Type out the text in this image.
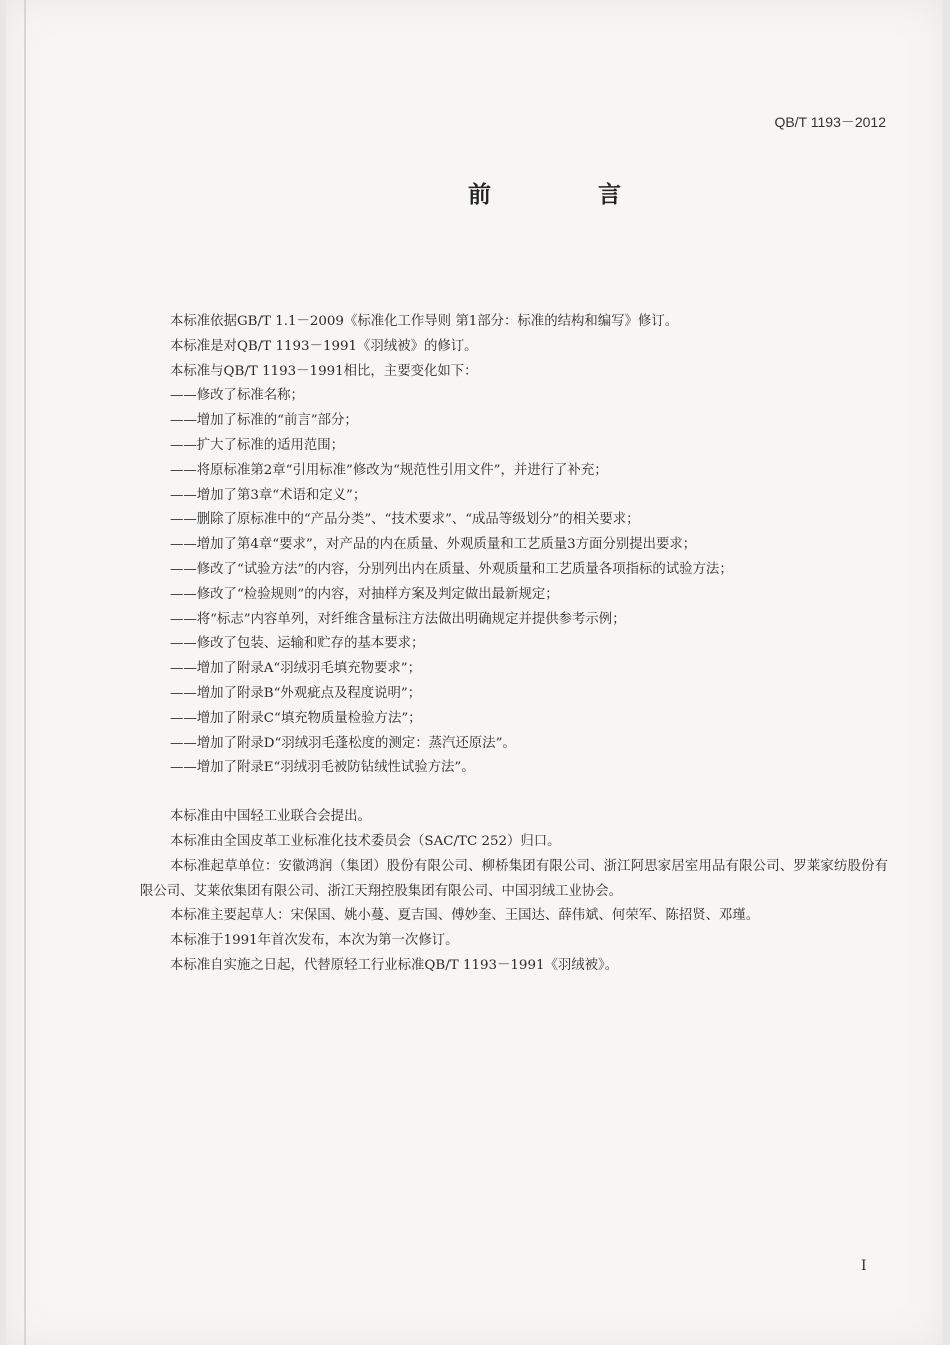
QB/T 1193－2012
前　言

本标准依据GB/T 1.1－2009《标准化工作导则 第1部分：标准的结构和编写》修订。

本标准是对QB/T 1193－1991《羽绒被》的修订。

本标准与QB/T 1193－1991相比，主要变化如下：

——修改了标准名称；

——增加了标准的“前言”部分；

——扩大了标准的适用范围；

——将原标准第2章“引用标准”修改为“规范性引用文件”，并进行了补充；

——增加了第3章“术语和定义”；

——删除了原标准中的“产品分类”、“技术要求”、“成品等级划分”的相关要求；

——增加了第4章“要求”，对产品的内在质量、外观质量和工艺质量3方面分别提出要求；

——修改了“试验方法”的内容，分别列出内在质量、外观质量和工艺质量各项指标的试验方法；

——修改了“检验规则”的内容，对抽样方案及判定做出最新规定；

——将“标志”内容单列，对纤维含量标注方法做出明确规定并提供参考示例；

——修改了包装、运输和贮存的基本要求；

——增加了附录A“羽绒羽毛填充物要求”；

——增加了附录B“外观疵点及程度说明”；

——增加了附录C“填充物质量检验方法”；

——增加了附录D“羽绒羽毛蓬松度的测定：蒸汽还原法”。

——增加了附录E“羽绒羽毛被防钻绒性试验方法”。

本标准由中国轻工业联合会提出。

本标准由全国皮革工业标准化技术委员会（SAC/TC 252）归口。

本标准起草单位：安徽鸿润（集团）股份有限公司、柳桥集团有限公司、浙江阿思家居室用品有限公司、罗莱家纺股份有限公司、艾莱依集团有限公司、浙江天翔控股集团有限公司、中国羽绒工业协会。

本标准主要起草人：宋保国、姚小蔓、夏吉国、傅妙奎、王国达、薛伟斌、何荣军、陈招贤、邓瑾。

本标准于1991年首次发布，本次为第一次修订。

本标准自实施之日起，代替原轻工行业标准QB/T 1193－1991《羽绒被》。

I
